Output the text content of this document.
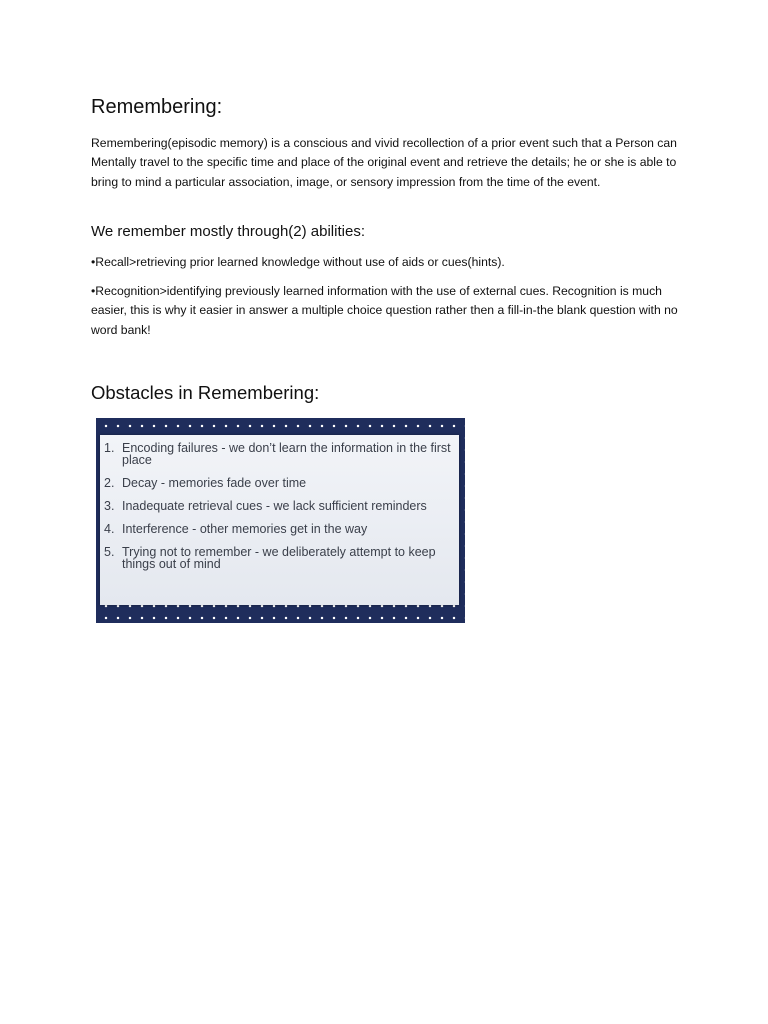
Remembering:

Remembering(episodic memory) is a conscious and vivid recollection of a prior event such that a Person can Mentally travel to the specific time and place of the original event and retrieve the details; he or she is able to bring to mind a particular association, image, or sensory impression from the time of the event.

We remember mostly through(2) abilities:

•Recall>retrieving prior learned knowledge without use of aids or cues(hints).

•Recognition>identifying previously learned information with the use of external cues. Recognition is much easier, this is why it easier in answer a multiple choice question rather then a fill-in-the blank question with no word bank!

Obstacles in Remembering:
1. Encoding failures - we don’t learn the information in the first place
2. Decay - memories fade over time
3. Inadequate retrieval cues - we lack sufficient reminders
4. Interference - other memories get in the way
5. Trying not to remember - we deliberately attempt to keep things out of mind
